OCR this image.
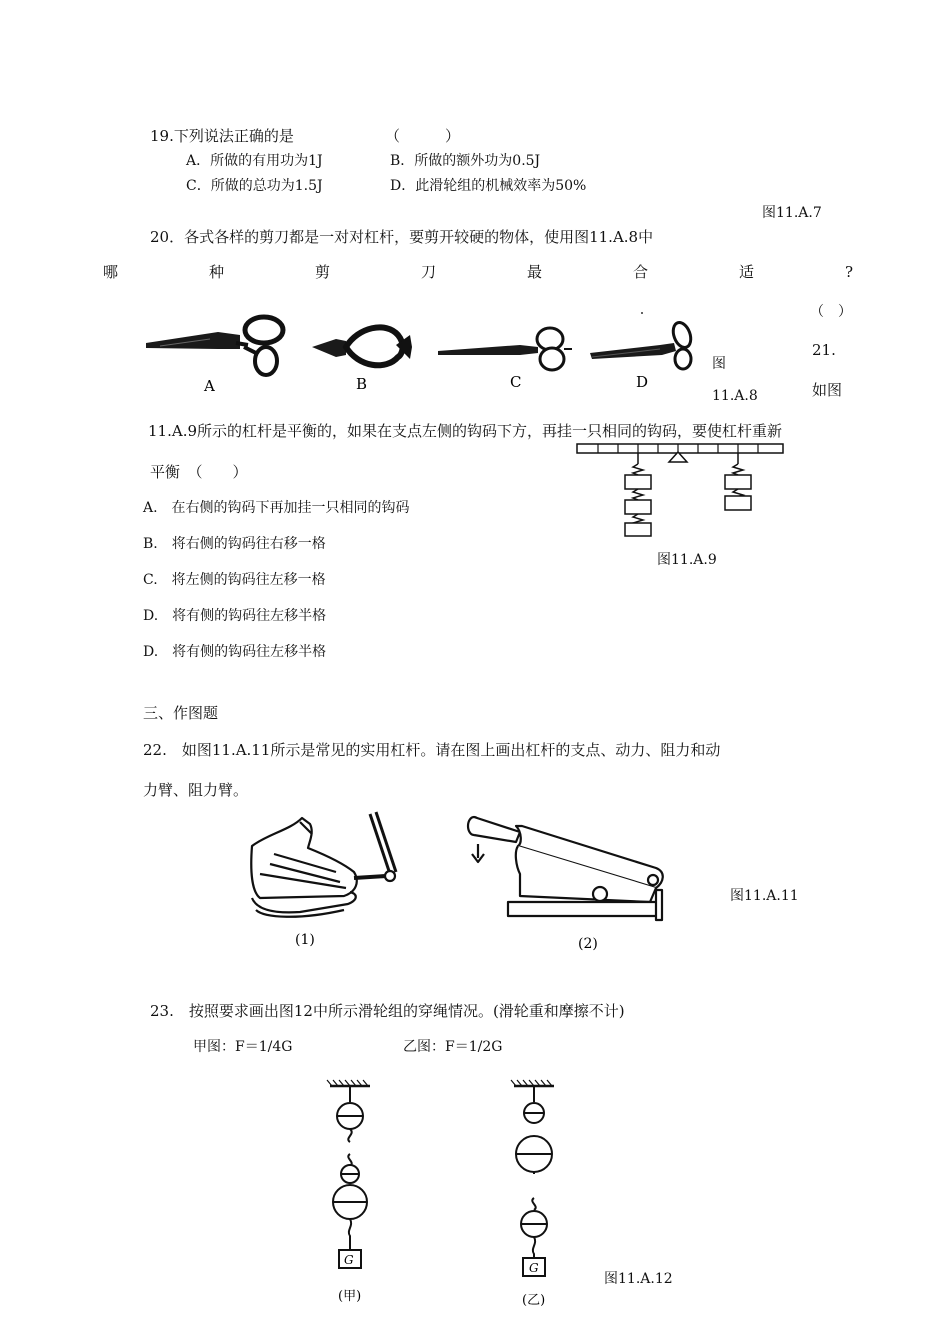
19.下列说法正确的是	（　　　）
A．所做的有用功为1J	B．所做的额外功为0.5J
C．所做的总功为1.5J	D．此滑轮组的机械效率为50%
图11.A.7
20．各式各样的剪刀都是一对对杠杆，要剪开较硬的物体，使用图11.A.8中
哪	种	剪	刀	最	合	适	?
（　）
A	B	C	D
图
11.A.8
21.
如图
11.A.9所示的杠杆是平衡的，如果在支点左侧的钩码下方，再挂一只相同的钩码，要使杠杆重新
平衡　（　　）
A.　在右侧的钩码下再加挂一只相同的钩码
B.　将右侧的钩码往右移一格
C.　将左侧的钩码往左移一格
D.　将有侧的钩码往左移半格
D.　将有侧的钩码往左移半格
图11.A.9
三、作图题
22.　如图11.A.11所示是常见的实用杠杆。请在图上画出杠杆的支点、动力、阻力和动
力臂、阻力臂。
(1)	(2)
图11.A.11
23.　按照要求画出图12中所示滑轮组的穿绳情况。(滑轮重和摩擦不计)
甲图：F＝1/4G	乙图：F＝1/2G
G
(甲)
G
(乙)
图11.A.12
